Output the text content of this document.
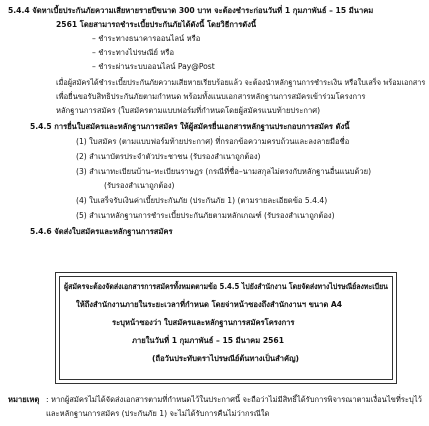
5.4.4 จัดหาเบี้ยประกันภัยความเสียหายรายปีขนาด 300 บาท จะต้องชำระก่อนวันที่ 1 กุมภาพันธ์ – 15 มีนาคม
2561 โดยสามารถชำระเบี้ยประกันภัยได้ดังนี้ โดยวิธีการดังนี้
– ชำระทางธนาคารออนไลน์ หรือ
– ชำระทางไปรษณีย์ หรือ
– ชำระผ่านระบบออนไลน์ Pay@Post
เมื่อผู้สมัครได้ชำระเบี้ยประกันภัยความเสียหายเรียบร้อยแล้ว จะต้องนำหลักฐานการชำระเงิน หรือใบเสร็จ พร้อมเอกสาร
เพื่อยื่นขอรับสิทธิประกันภัยตามกำหนด พร้อมทั้งแนบเอกสารหลักฐานการสมัครเข้าร่วมโครงการ
หลักฐานการสมัคร (ใบสมัครตามแบบฟอร์มที่กำหนดโดยผู้สมัครแนบท้ายประกาศ)
5.4.5 การยื่นใบสมัครและหลักฐานการสมัคร ให้ผู้สมัครยื่นเอกสารหลักฐานประกอบการสมัคร ดังนี้
(1) ใบสมัคร (ตามแบบฟอร์มท้ายประกาศ) ที่กรอกข้อความครบถ้วนและลงลายมือชื่อ
(2) สำเนาบัตรประจำตัวประชาชน (รับรองสำเนาถูกต้อง)
(3) สำเนาทะเบียนบ้าน–ทะเบียนราษฎร (กรณีที่ชื่อ–นามสกุลไม่ตรงกับหลักฐานอื่นแนบด้วย)
(รับรองสำเนาถูกต้อง)
(4) ใบเสร็จรับเงินค่าเบี้ยประกันภัย (ประกันภัย 1) (ตามรายละเอียดข้อ 5.4.4)
(5) สำเนาหลักฐานการชำระเบี้ยประกันภัยตามหลักเกณฑ์ (รับรองสำเนาถูกต้อง)
5.4.6 จัดส่งใบสมัครและหลักฐานการสมัคร
ผู้สมัครจะต้องจัดส่งเอกสารการสมัครทั้งหมดตามข้อ 5.4.5 ไปยังสำนักงาน โดยจัดส่งทางไปรษณีย์ลงทะเบียน
ให้ถึงสำนักงานภายในระยะเวลาที่กำหนด โดยจ่าหน้าซองถึงสำนักงานฯ ขนาด A4
ระบุหน้าซองว่า ใบสมัครและหลักฐานการสมัครโครงการ
ภายในวันที่ 1 กุมภาพันธ์ – 15 มีนาคม 2561
(ถือวันประทับตราไปรษณีย์ต้นทางเป็นสำคัญ)
หมายเหตุ : หากผู้สมัครไม่ได้จัดส่งเอกสารตามที่กำหนดไว้ในประกาศนี้ จะถือว่าไม่มีสิทธิ์ได้รับการพิจารณาตามเงื่อนไขที่ระบุไว้
และหลักฐานการสมัคร (ประกันภัย 1) จะไม่ได้รับการคืนไม่ว่ากรณีใด
